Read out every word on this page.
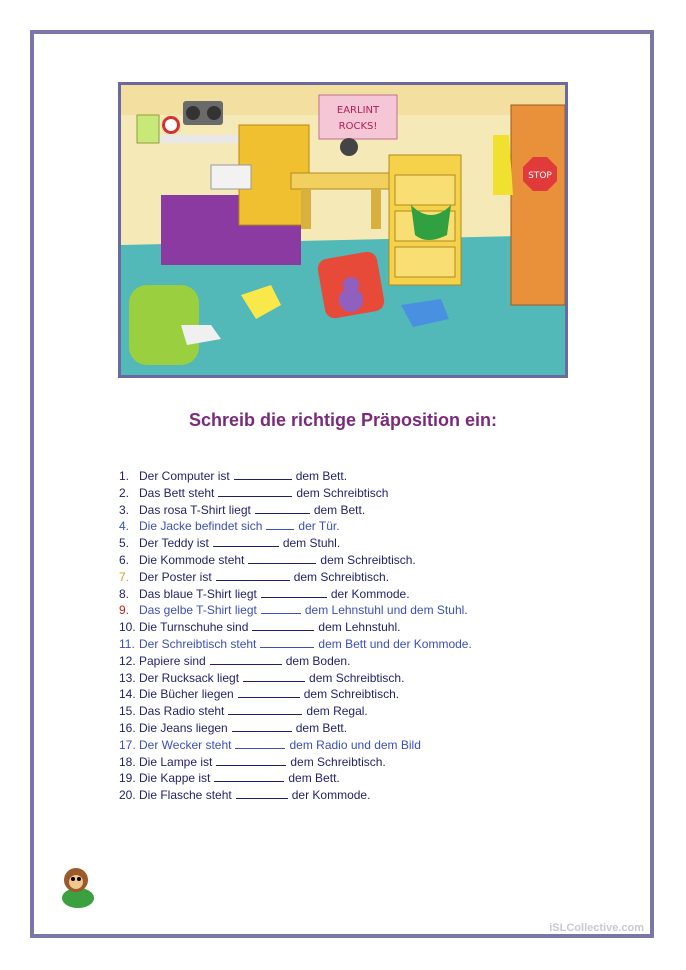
EARLINT
ROCKS!
STOP
Schreib die richtige Präposition ein:
1. Der Computer ist	dem Bett.
2. Das Bett steht	dem Schreibtisch
3. Das rosa T-Shirt liegt	dem Bett.
4. Die Jacke befindet sich	der Tür.
5. Der Teddy ist	dem Stuhl.
6. Die Kommode steht	dem Schreibtisch.
7. Der Poster ist	dem Schreibtisch.
8. Das blaue T-Shirt liegt	der Kommode.
9. Das gelbe T-Shirt liegt	dem Lehnstuhl und dem Stuhl.
10. Die Turnschuhe sind	dem Lehnstuhl.
11. Der Schreibtisch steht	dem Bett und der Kommode.
12. Papiere sind	dem Boden.
13. Der Rucksack liegt	dem Schreibtisch.
14. Die Bücher liegen	dem Schreibtisch.
15. Das Radio steht	dem Regal.
16. Die Jeans liegen	dem Bett.
17. Der Wecker steht	dem Radio und dem Bild
18. Die Lampe ist	dem Schreibtisch.
19. Die Kappe ist	dem Bett.
20. Die Flasche steht	der Kommode.
iSLCollective.com
